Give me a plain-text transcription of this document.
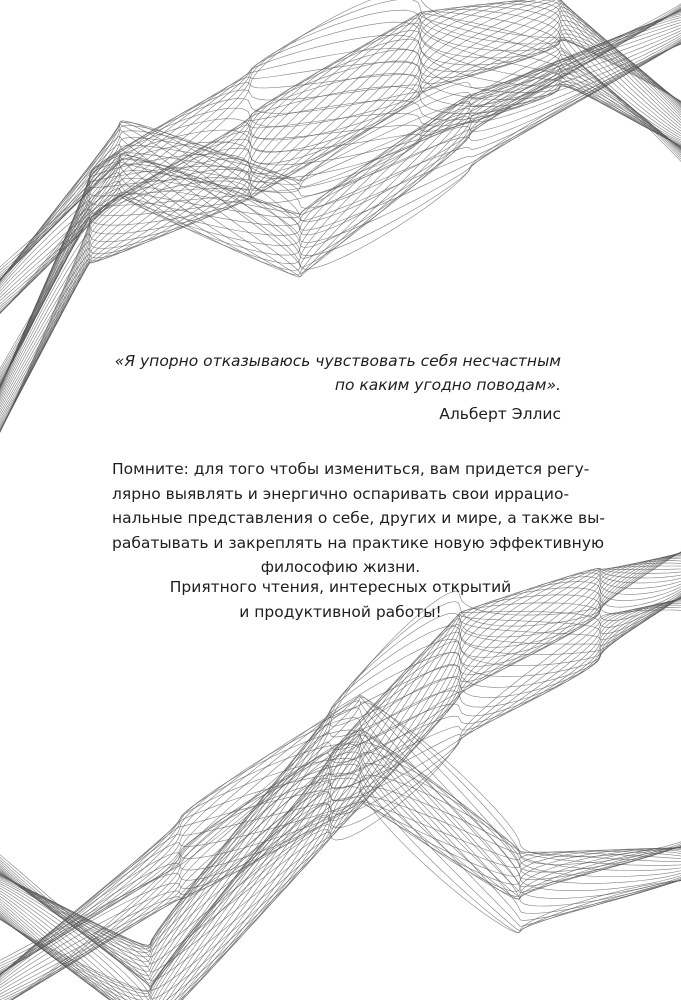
«Я упорно отказываюсь чувствовать себя несчастным
по каким угодно поводам».
Альберт Эллис
Помните: для того чтобы измениться, вам придется регу-
лярно выявлять и энергично оспаривать свои иррацио-
нальные представления о себе, других и мире, а также вы-
рабатывать и закреплять на практике новую эффективную
философию жизни.
Приятного чтения, интересных открытий
и продуктивной работы!
